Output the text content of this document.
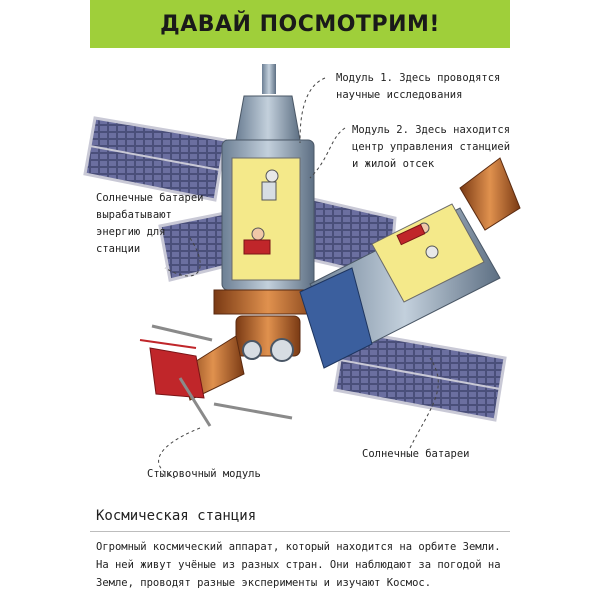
ДАВАЙ ПОСМОТРИМ!
Модуль 1. Здесь проводятся научные исследования
Модуль 2. Здесь находится центр управления станцией и жилой отсек
Солнечные батареи вырабатывают энергию для станции
Стыковочный модуль
Солнечные батареи
Космическая станция
Огромный космический аппарат, который находится на орбите Земли. На ней живут учёные из разных стран. Они наблюдают за погодой на Земле, проводят разные эксперименты и изучают Космос.
